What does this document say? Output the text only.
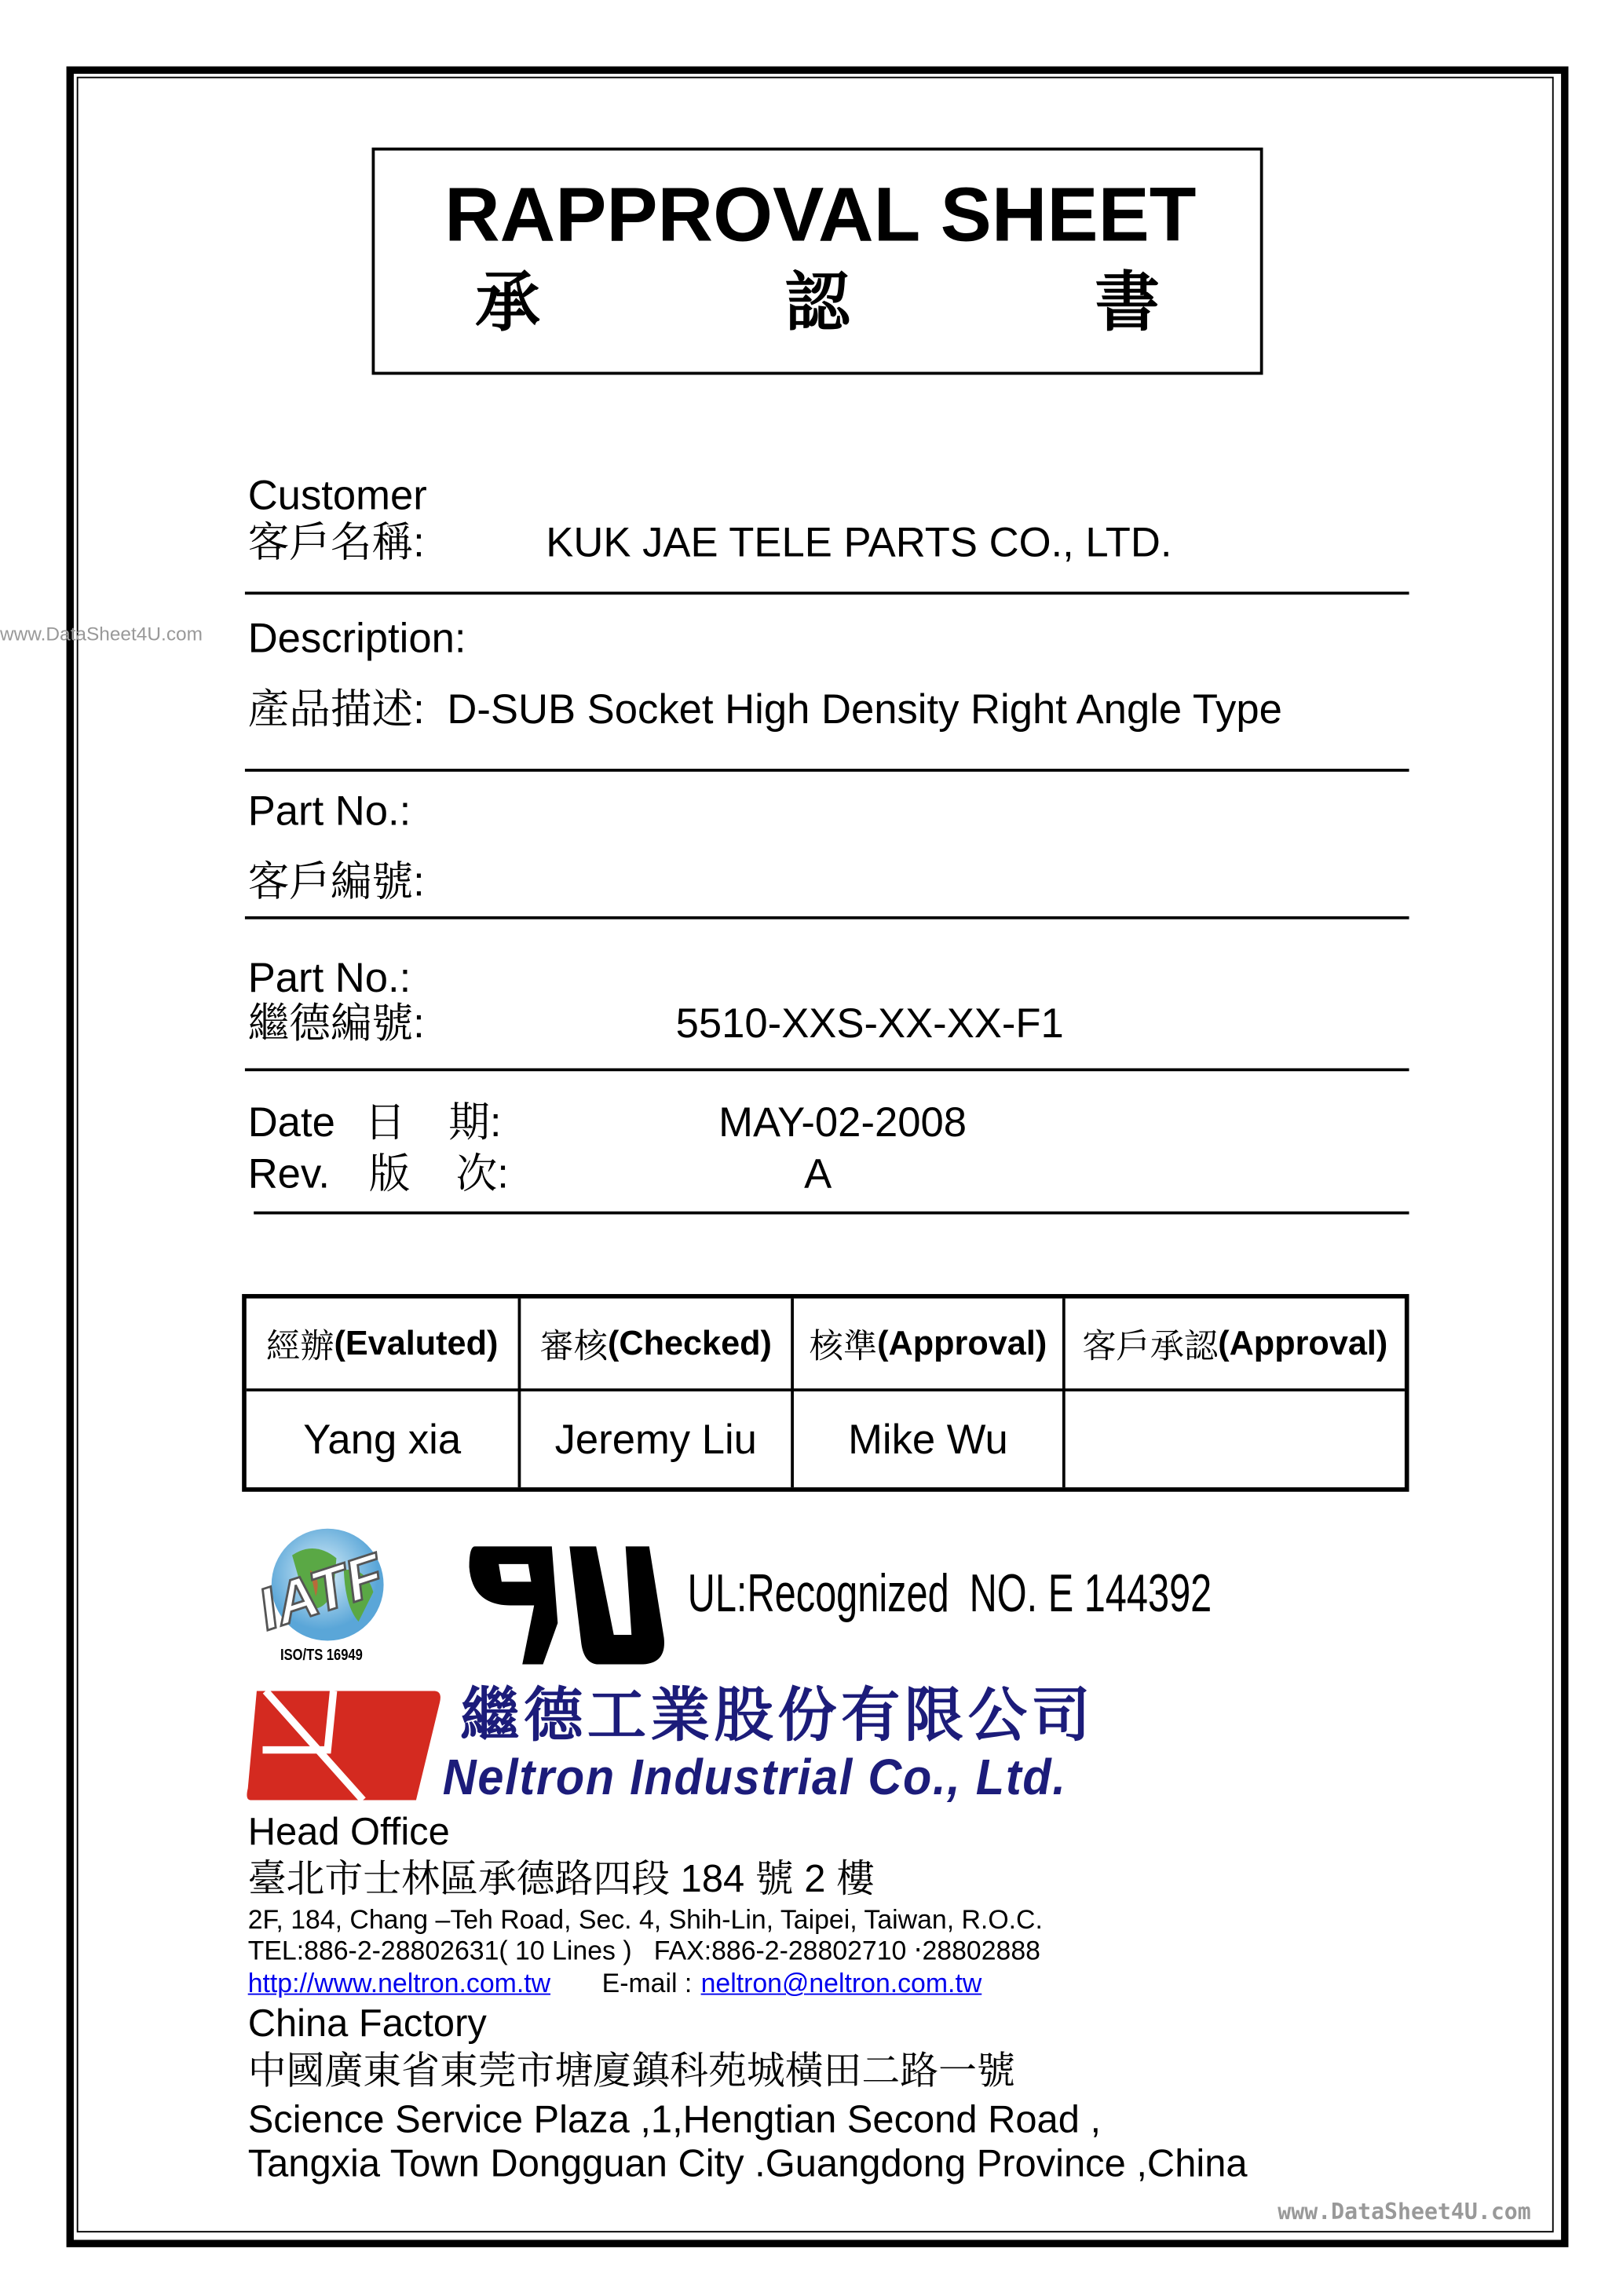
RAPPROVAL SHEET
承	認	書
www.DataSheet4U.com
Customer
客戶名稱:	KUK JAE TELE PARTS CO., LTD.
Description:
產品描述: D-SUB Socket High Density Right Angle Type
Part No.:
客戶編號:
Part No.:
繼德編號:	5510-XXS-XX-XX-F1
Date 日 期:	MAY-02-2008
Rev. 版 次:	A
經辦 (Evaluted) 審核 (Checked) 核準 (Approval) 客戶承認 (Approval)
Yang xia	Jeremy Liu	Mike Wu
IATF
ISO/TS 16949
UL:Recognized NO. E 144392
繼德工業股份有限公司
Neltron Industrial Co., Ltd.
Head Office
臺北市士林區承德路四段 184 號 2 樓
2F, 184, Chang –Teh Road, Sec. 4, Shih-Lin, Taipei, Taiwan, R.O.C.
TEL:886-2-28802631( 10 Lines )   FAX:886-2-28802710 ‧28802888
http://www.neltron.com.tw	E-mail : neltron@neltron.com.tw
China Factory
中國廣東省東莞市塘廈鎮科苑城橫田二路一號
Science Service Plaza ,1,Hengtian Second Road ,
Tangxia Town Dongguan City .Guangdong Province ,China
www.DataSheet4U.com
